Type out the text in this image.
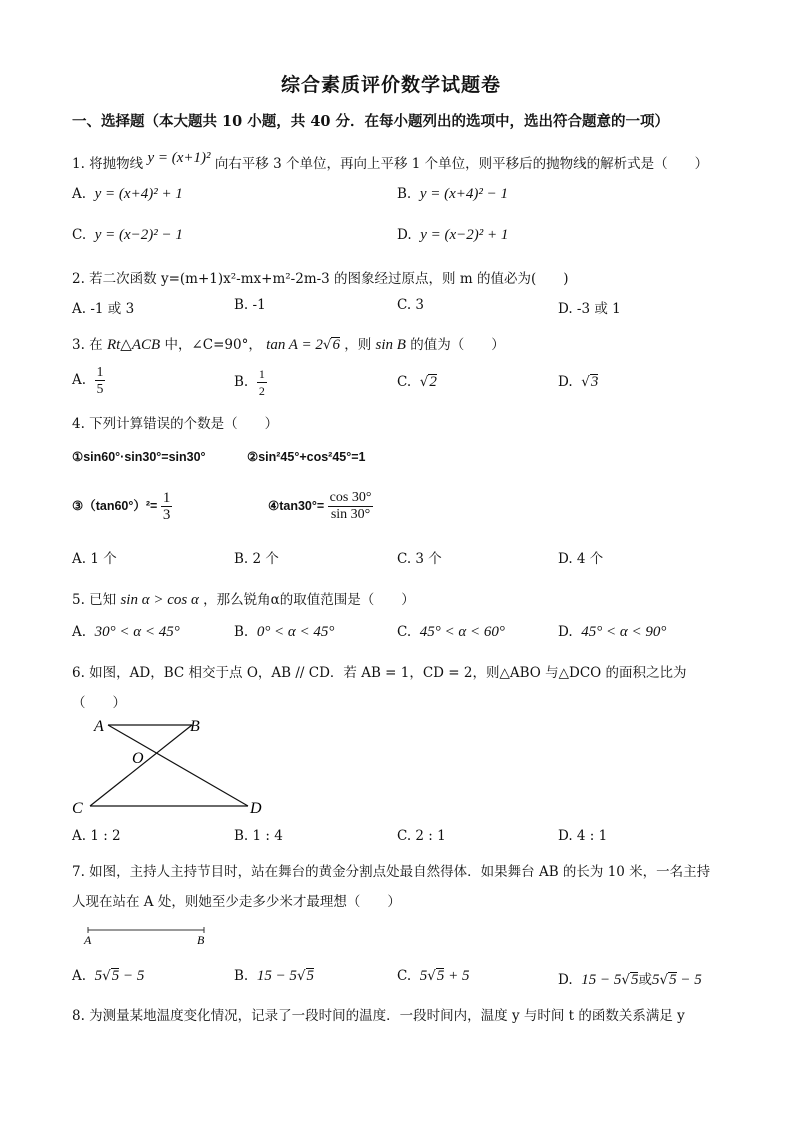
综合素质评价数学试题卷
一、选择题（本大题共 10 小题，共 40 分．在每小题列出的选项中，选出符合题意的一项）
1. 将抛物线 y = (x+1)² 向右平移 3 个单位，再向上平移 1 个单位，则平移后的抛物线的解析式是（　　）
A. y = (x+4)² + 1	B. y = (x+4)² − 1
C. y = (x−2)² − 1	D. y = (x−2)² + 1
2. 若二次函数 y=(m+1)x²-mx+m²-2m-3 的图象经过原点，则 m 的值必为(　　)
A. -1 或 3	B. -1	C. 3	D. -3 或 1
3. 在 Rt△ACB 中，∠C=90°， tan A = 2√6 ，则 sin B 的值为（　　）
A. $\frac{1}{5}$	B. $\frac{1}{2}$	C. √2	D. √3
4. 下列计算错误的个数是（　　）
①sin60°·sin30°=sin30°	②sin²45°+cos²45°=1
③（tan60°）²= $\frac{1}{3}$	④tan30°= $\frac{\cos 30^\circ}{\sin 30^\circ}$
A. 1 个	B. 2 个	C. 3 个	D. 4 个
5. 已知 sin α > cos α ，那么锐角α的取值范围是（　　）
A. 30° < α < 45°	B. 0° < α < 45°	C. 45° < α < 60°	D. 45° < α < 90°
6. 如图，AD，BC 相交于点 O，AB // CD．若 AB = 1，CD = 2，则△ABO 与△DCO 的面积之比为
（　　）
A	B
O
C	D
A. 1 : 2	B. 1 : 4	C. 2 : 1	D. 4 : 1
7. 如图，主持人主持节目时，站在舞台的黄金分割点处最自然得体．如果舞台 AB 的长为 10 米，一名主持
人现在站在 A 处，则她至少走多少米才最理想（　　）
A	B
A. 5√5 − 5	B. 15 − 5√5	C. 5√5 + 5	D. 15 − 5√5或5√5 − 5
8. 为测量某地温度变化情况，记录了一段时间的温度．一段时间内，温度 y 与时间 t 的函数关系满足 y
